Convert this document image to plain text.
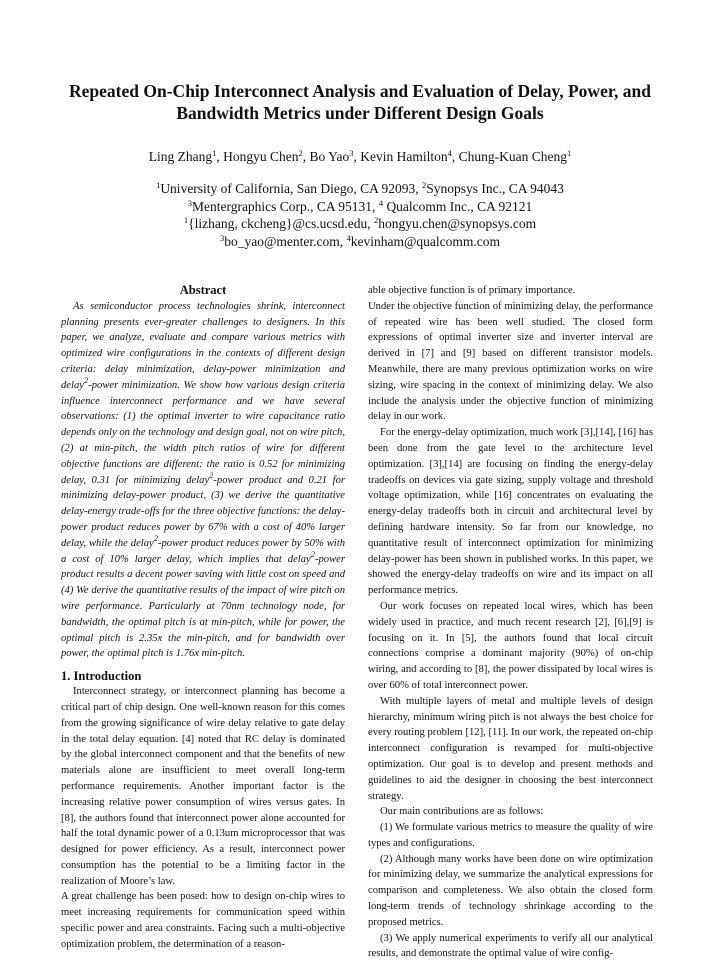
Repeated On-Chip Interconnect Analysis and Evaluation of Delay, Power, and
Bandwidth Metrics under Different Design Goals
Ling Zhang$^1$, Hongyu Chen$^2$, Bo Yao$^3$, Kevin Hamilton$^4$, Chung-Kuan Cheng$^1$
$^1$University of California, San Diego, CA 92093, $^2$Synopsys Inc., CA 94043
$^3$Mentergraphics Corp., CA 95131, $^4$ Qualcomm Inc., CA 92121
$^1${lizhang, ckcheng}@cs.ucsd.edu, $^2$hongyu.chen@synopsys.com
$^3$bo_yao@menter.com, $^4$kevinham@qualcomm.com
Abstract

As semiconductor process technologies shrink, interconnect planning presents ever-greater challenges to designers. In this paper, we analyze, evaluate and compare various metrics with optimized wire configurations in the contexts of different design criteria: delay minimization, delay-power minimization and delay$^2$-power minimization. We show how various design criteria influence interconnect performance and we have several observations: (1) the optimal inverter to wire capacitance ratio depends only on the technology and design goal, not on wire pitch, (2) at min-pitch, the width pitch ratios of wire for different objective functions are different: the ratio is 0.52 for minimizing delay, 0.31 for minimizing delay$^2$-power product and 0.21 for minimizing delay-power product, (3) we derive the quantitative delay-energy trade-offs for the three objective functions: the delay-power product reduces power by 67% with a cost of 40% larger delay, while the delay$^2$-power product reduces power by 50% with a cost of 10% larger delay, which implies that delay$^2$-power product results a decent power saving with little cost on speed and (4) We derive the quantitative results of the impact of wire pitch on wire performance. Particularly at 70nm technology node, for bandwidth, the optimal pitch is at min-pitch, while for power, the optimal pitch is 2.35x the min-pitch, and for bandwidth over power, the optimal pitch is 1.76x min-pitch.

1. Introduction

Interconnect strategy, or interconnect planning has become a critical part of chip design. One well-known reason for this comes from the growing significance of wire delay relative to gate delay in the total delay equation. [4] noted that RC delay is dominated by the global interconnect component and that the benefits of new materials alone are insufficient to meet overall long-term performance requirements. Another important factor is the increasing relative power consumption of wires versus gates. In [8], the authors found that interconnect power alone accounted for half the total dynamic power of a 0.13um microprocessor that was designed for power efficiency. As a result, interconnect power consumption has the potential to be a limiting factor in the realization of Moore’s law.

A great challenge has been posed: how to design on-chip wires to meet increasing requirements for communication speed within specific power and area constraints. Facing such a multi-objective optimization problem, the determination of a reason-

able objective function is of primary importance.

Under the objective function of minimizing delay, the performance of repeated wire has been well studied. The closed form expressions of optimal inverter size and inverter interval are derived in [7] and [9] based on different transistor models. Meanwhile, there are many previous optimization works on wire sizing, wire spacing in the context of minimizing delay. We also include the analysis under the objective function of minimizing delay in our work.

For the energy-delay optimization, much work [3],[14], [16] has been done from the gate level to the architecture level optimization. [3],[14] are focusing on finding the energy-delay tradeoffs on devices via gate sizing, supply voltage and threshold voltage optimization, while [16] concentrates on evaluating the energy-delay tradeoffs both in circuit and architectural level by defining hardware intensity. So far from our knowledge, no quantitative result of interconnect optimization for minimizing delay-power has been shown in published works. In this paper, we showed the energy-delay tradeoffs on wire and its impact on all performance metrics.

Our work focuses on repeated local wires, which has been widely used in practice, and much recent research [2], [6],[9] is focusing on it. In [5], the authors found that local circuit connections comprise a dominant majority (90%) of on-chip wiring, and according to [8], the power dissipated by local wires is over 60% of total interconnect power.

With multiple layers of metal and multiple levels of design hierarchy, minimum wiring pitch is not always the best choice for every routing problem [12], [11]. In our work, the repeated on-chip interconnect configuration is revamped for multi-objective optimization. Our goal is to develop and present methods and guidelines to aid the designer in choosing the best interconnect strategy.

Our main contributions are as follows:

(1) We formulate various metrics to measure the quality of wire types and configurations.

(2) Although many works have been done on wire optimization for minimizing delay, we summarize the analytical expressions for comparison and completeness. We also obtain the closed form long-term trends of technology shrinkage according to the proposed metrics.

(3) We apply numerical experiments to verify all our analytical results, and demonstrate the optimal value of wire config-
